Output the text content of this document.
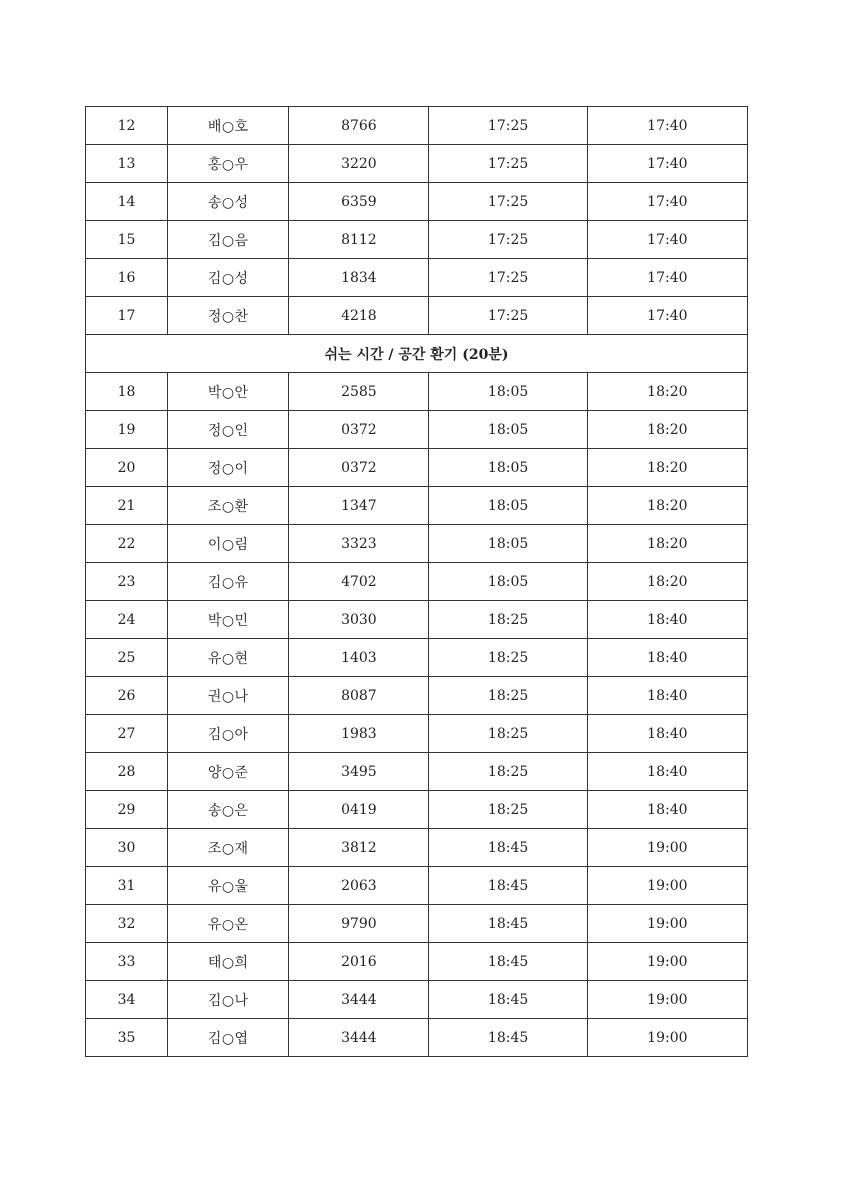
12	배○호	8766	17:25	17:40
13	홍○우	3220	17:25	17:40
14	송○성	6359	17:25	17:40
15	김○음	8112	17:25	17:40
16	김○성	1834	17:25	17:40
17	정○찬	4218	17:25	17:40
쉬는 시간 / 공간 환기 (20분)				
18	박○안	2585	18:05	18:20
19	정○인	0372	18:05	18:20
20	정○이	0372	18:05	18:20
21	조○환	1347	18:05	18:20
22	이○림	3323	18:05	18:20
23	김○유	4702	18:05	18:20
24	박○민	3030	18:25	18:40
25	유○현	1403	18:25	18:40
26	권○나	8087	18:25	18:40
27	김○아	1983	18:25	18:40
28	양○준	3495	18:25	18:40
29	송○은	0419	18:25	18:40
30	조○재	3812	18:45	19:00
31	유○울	2063	18:45	19:00
32	유○온	9790	18:45	19:00
33	태○희	2016	18:45	19:00
34	김○나	3444	18:45	19:00
35	김○엽	3444	18:45	19:00
